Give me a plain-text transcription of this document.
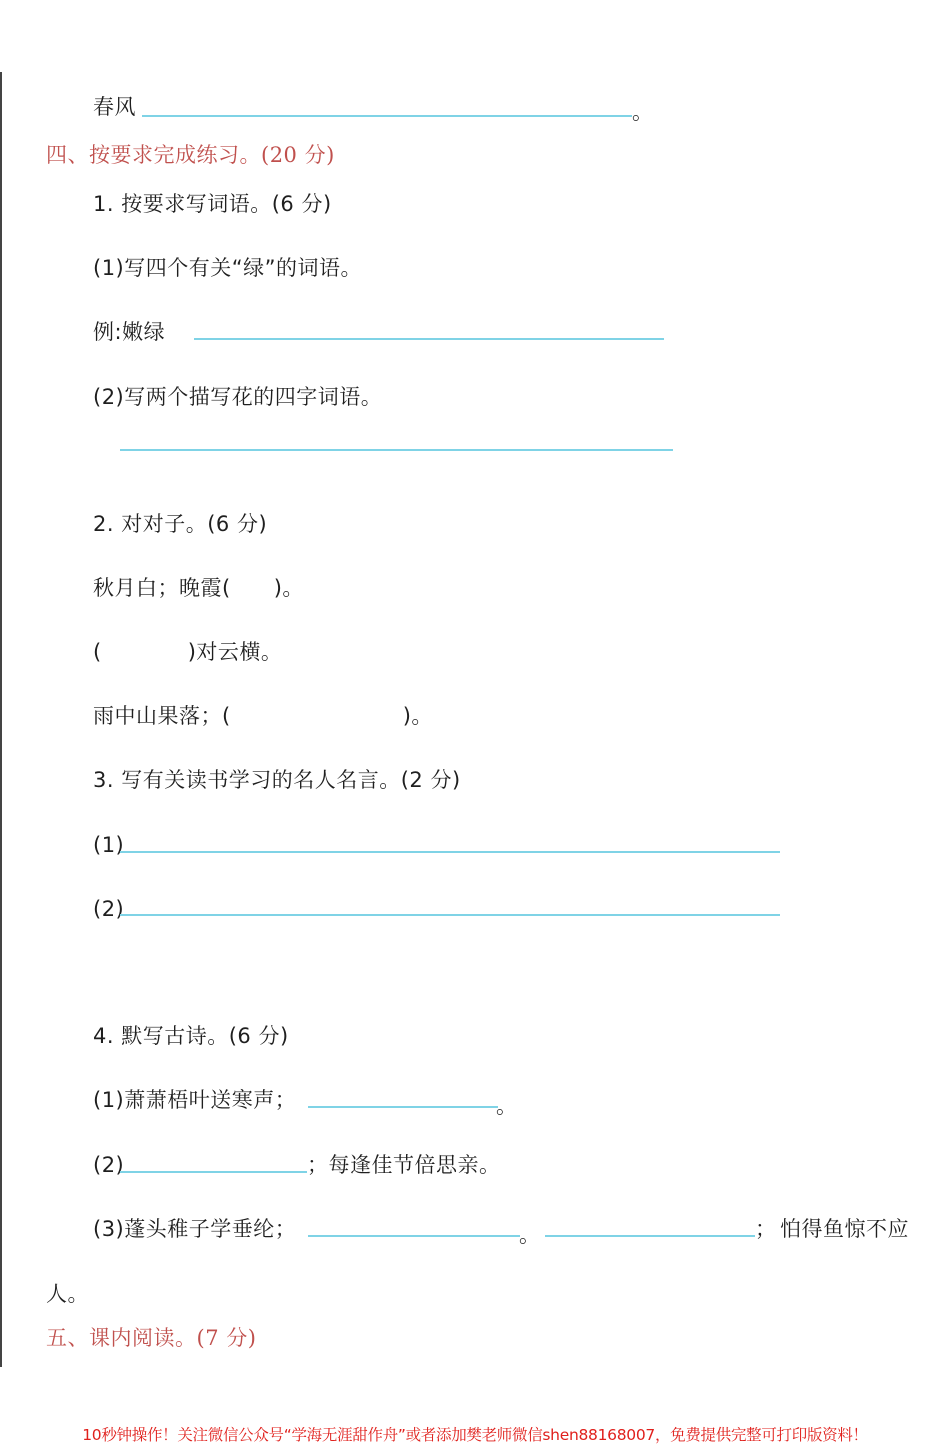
春风	。
四、按要求完成练习。(20 分)
1. 按要求写词语。(6 分)
(1)写四个有关“绿”的词语。
例:嫩绿
(2)写两个描写花的四字词语。
2. 对对子。(6 分)
秋月白；晚霞(　　)。
(　　　　)对云横。
雨中山果落；(　　　　　　　　)。
3. 写有关读书学习的名人名言。(2 分)
(1)
(2)
4. 默写古诗。(6 分)
(1)萧萧梧叶送寒声；	。
(2)	；每逢佳节倍思亲。
(3)蓬头稚子学垂纶；	。	； 怕得鱼惊不应
人。
五、课内阅读。(7 分)
10秒钟操作！关注微信公众号“学海无涯甜作舟”或者添加樊老师微信shen88168007，免费提供完整可打印版资料！
